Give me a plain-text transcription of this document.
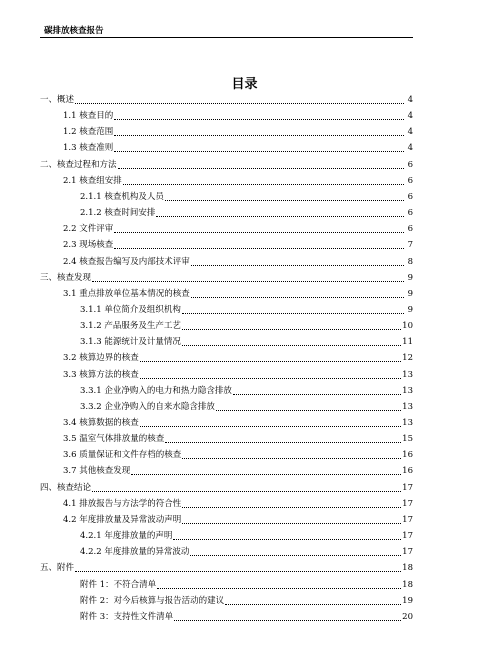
碳排放核查报告
目录
一、概述	4
1.1 核查目的	4
1.2 核查范围	4
1.3 核查准则	4
二、核查过程和方法	6
2.1 核查组安排	6
2.1.1 核查机构及人员	6
2.1.2 核查时间安排	6
2.2 文件评审	6
2.3 现场核查	7
2.4 核查报告编写及内部技术评审	8
三、核查发现	9
3.1 重点排放单位基本情况的核查	9
3.1.1 单位简介及组织机构	9
3.1.2 产品服务及生产工艺	10
3.1.3 能源统计及计量情况	11
3.2 核算边界的核查	12
3.3 核算方法的核查	13
3.3.1 企业净购入的电力和热力隐含排放	13
3.3.2 企业净购入的自来水隐含排放	13
3.4 核算数据的核查	13
3.5 温室气体排放量的核查	15
3.6 质量保证和文件存档的核查	16
3.7 其他核查发现	16
四、核查结论	17
4.1 排放报告与方法学的符合性	17
4.2 年度排放量及异常波动声明	17
4.2.1 年度排放量的声明	17
4.2.2 年度排放量的异常波动	17
五、附件	18
附件 1：不符合清单	18
附件 2：对今后核算与报告活动的建议	19
附件 3：支持性文件清单	20
